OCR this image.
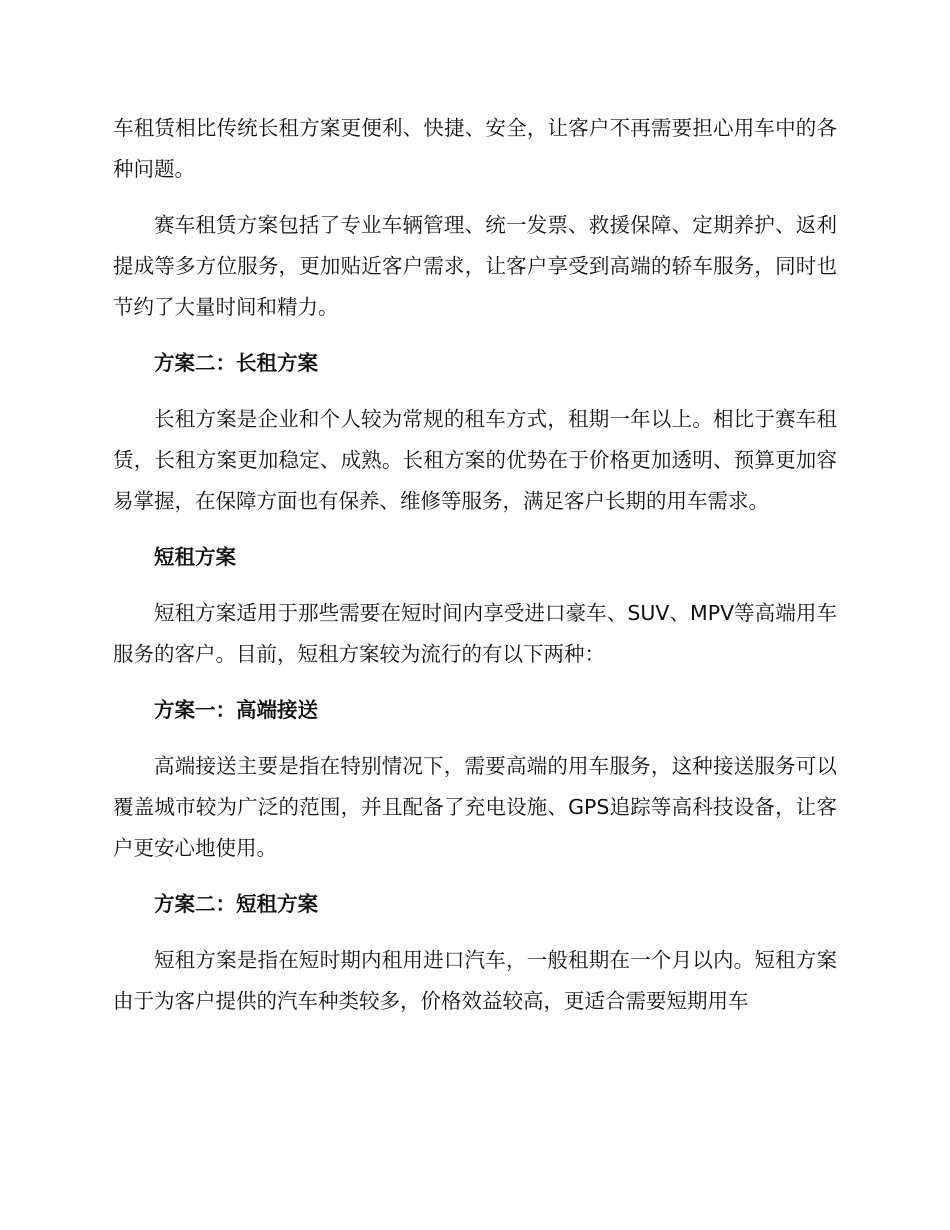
车租赁相比传统长租方案更便利、快捷、安全，让客户不再需要担心用车中的各种问题。

赛车租赁方案包括了专业车辆管理、统一发票、救援保障、定期养护、返利提成等多方位服务，更加贴近客户需求，让客户享受到高端的轿车服务，同时也节约了大量时间和精力。

方案二：长租方案

长租方案是企业和个人较为常规的租车方式，租期一年以上。相比于赛车租赁，长租方案更加稳定、成熟。长租方案的优势在于价格更加透明、预算更加容易掌握，在保障方面也有保养、维修等服务，满足客户长期的用车需求。

短租方案

短租方案适用于那些需要在短时间内享受进口豪车、SUV、MPV等高端用车服务的客户。目前，短租方案较为流行的有以下两种：

方案一：高端接送

高端接送主要是指在特别情况下，需要高端的用车服务，这种接送服务可以覆盖城市较为广泛的范围，并且配备了充电设施、GPS追踪等高科技设备，让客户更安心地使用。

方案二：短租方案

短租方案是指在短时期内租用进口汽车，一般租期在一个月以内。短租方案由于为客户提供的汽车种类较多，价格效益较高，更适合需要短期用车
